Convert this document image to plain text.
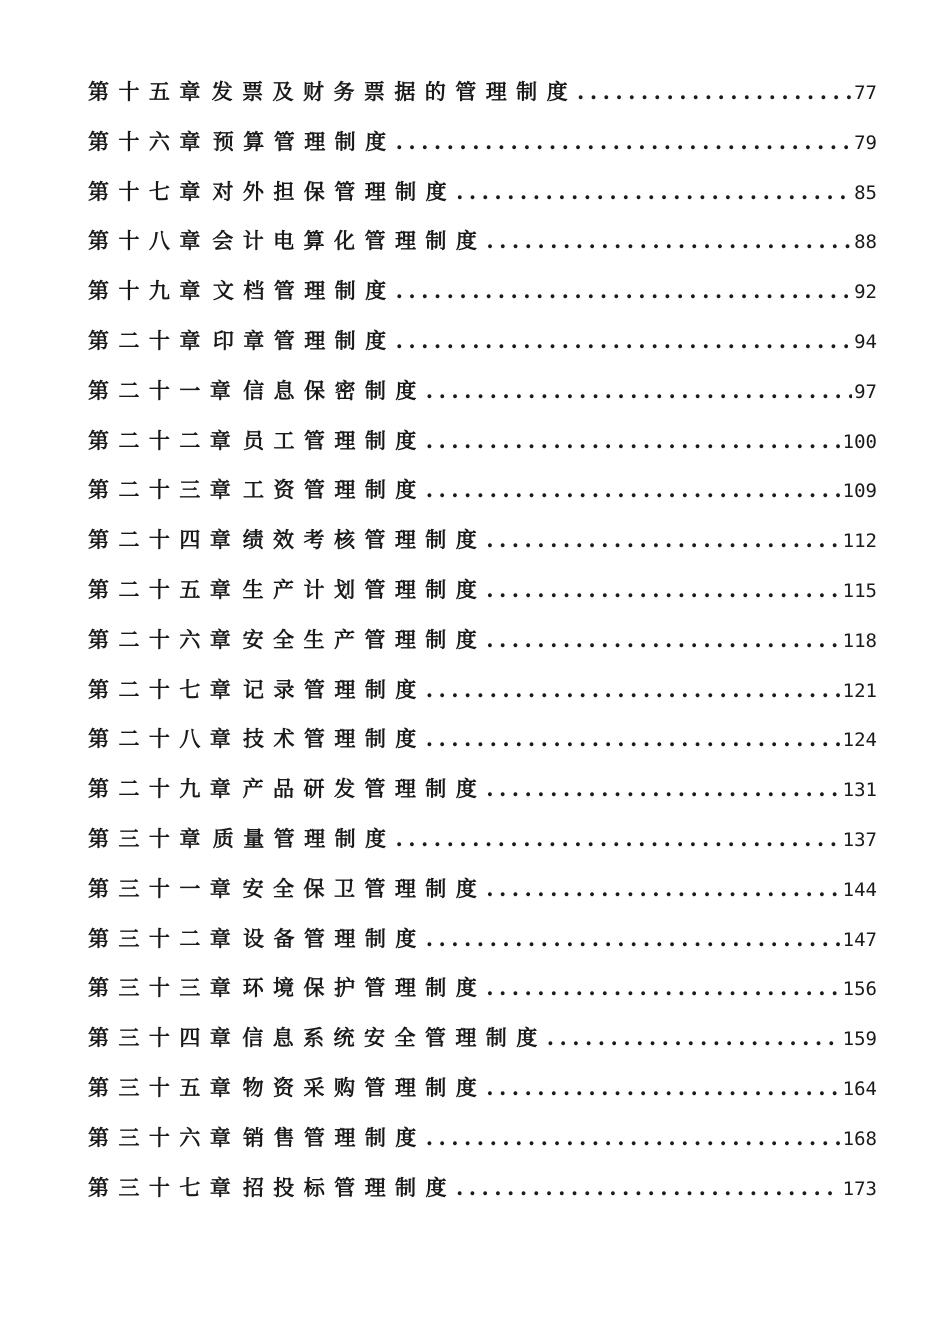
第十五章 发票及财务票据的管理制度 .....	77
第十六章 预算管理制度 .....	79
第十七章 对外担保管理制度 .....	85
第十八章 会计电算化管理制度 .....	88
第十九章 文档管理制度 .....	92
第二十章 印章管理制度 .....	94
第二十一章 信息保密制度 .....	97
第二十二章 员工管理制度 .....	100
第二十三章 工资管理制度 .....	109
第二十四章 绩效考核管理制度 .....	112
第二十五章 生产计划管理制度 .....	115
第二十六章 安全生产管理制度 .....	118
第二十七章 记录管理制度 .....	121
第二十八章 技术管理制度 .....	124
第二十九章 产品研发管理制度 .....	131
第三十章 质量管理制度 .....	137
第三十一章 安全保卫管理制度 .....	144
第三十二章 设备管理制度 .....	147
第三十三章 环境保护管理制度 .....	156
第三十四章 信息系统安全管理制度 .....	159
第三十五章 物资采购管理制度 .....	164
第三十六章 销售管理制度 .....	168
第三十七章 招投标管理制度 .....	173
